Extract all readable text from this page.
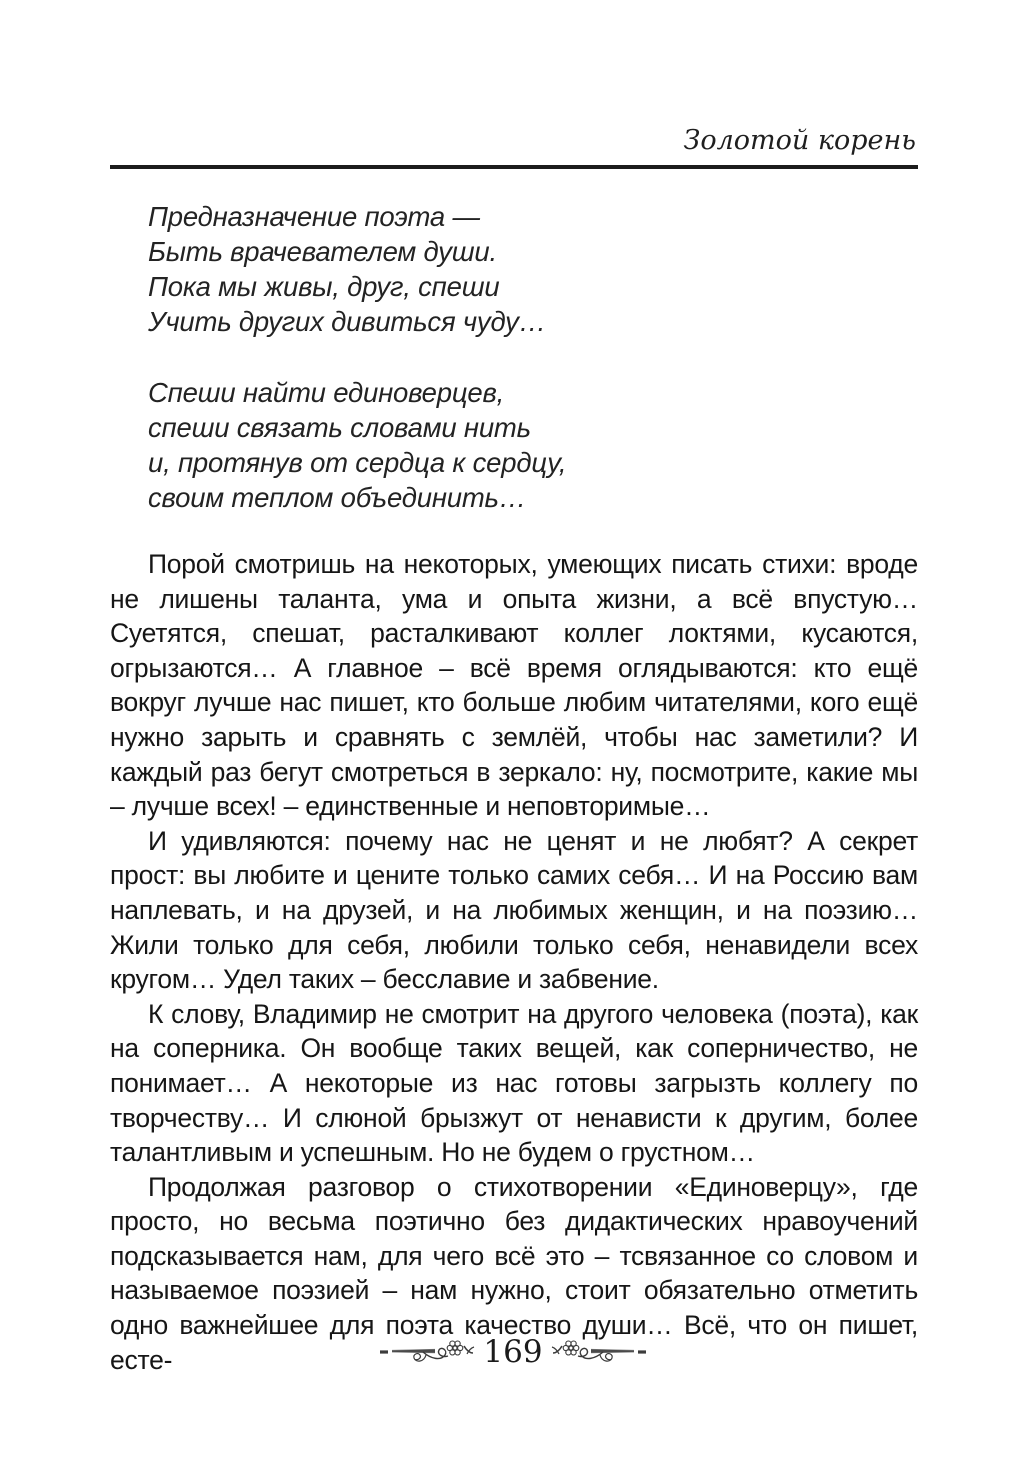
Золотой корень
Предназначение поэта —
Быть врачевателем души.
Пока мы живы, друг, спеши
Учить других дивиться чуду…
Спеши найти единоверцев,
спеши связать словами нить
и, протянув от сердца к сердцу,
своим теплом объединить…

Порой смотришь на некоторых, умеющих писать стихи: вроде не лишены таланта, ума и опыта жизни, а всё впустую… Суетятся, спешат, расталкивают коллег локтями, кусаются, огрызаются… А главное – всё время оглядываются: кто ещё вокруг лучше нас пишет, кто больше любим читателями, кого ещё нужно зарыть и сравнять с землёй, чтобы нас заметили? И каждый раз бегут смотреться в зеркало: ну, посмотрите, какие мы – лучше всех! – единственные и неповторимые…

И удивляются: почему нас не ценят и не любят? А секрет прост: вы любите и цените только самих себя… И на Россию вам наплевать, и на друзей, и на любимых женщин, и на поэзию… Жили только для себя, любили только себя, ненавидели всех кругом… Удел таких – бесславие и забвение.

К слову, Владимир не смотрит на другого человека (поэта), как на соперника. Он вообще таких вещей, как соперничество, не понимает… А некоторые из нас готовы загрызть коллегу по творчеству… И слюной брызжут от ненависти к другим, более талантливым и успешным. Но не будем о грустном…

Продолжая разговор о стихотворении «Единоверцу», где просто, но весьма поэтично без дидактических нравоучений подсказывается нам, для чего всё это – тсвязанное со словом и называемое поэзией – нам нужно, стоит обязательно отметить одно важнейшее для поэта качество души… Всё, что он пишет, есте-	169
